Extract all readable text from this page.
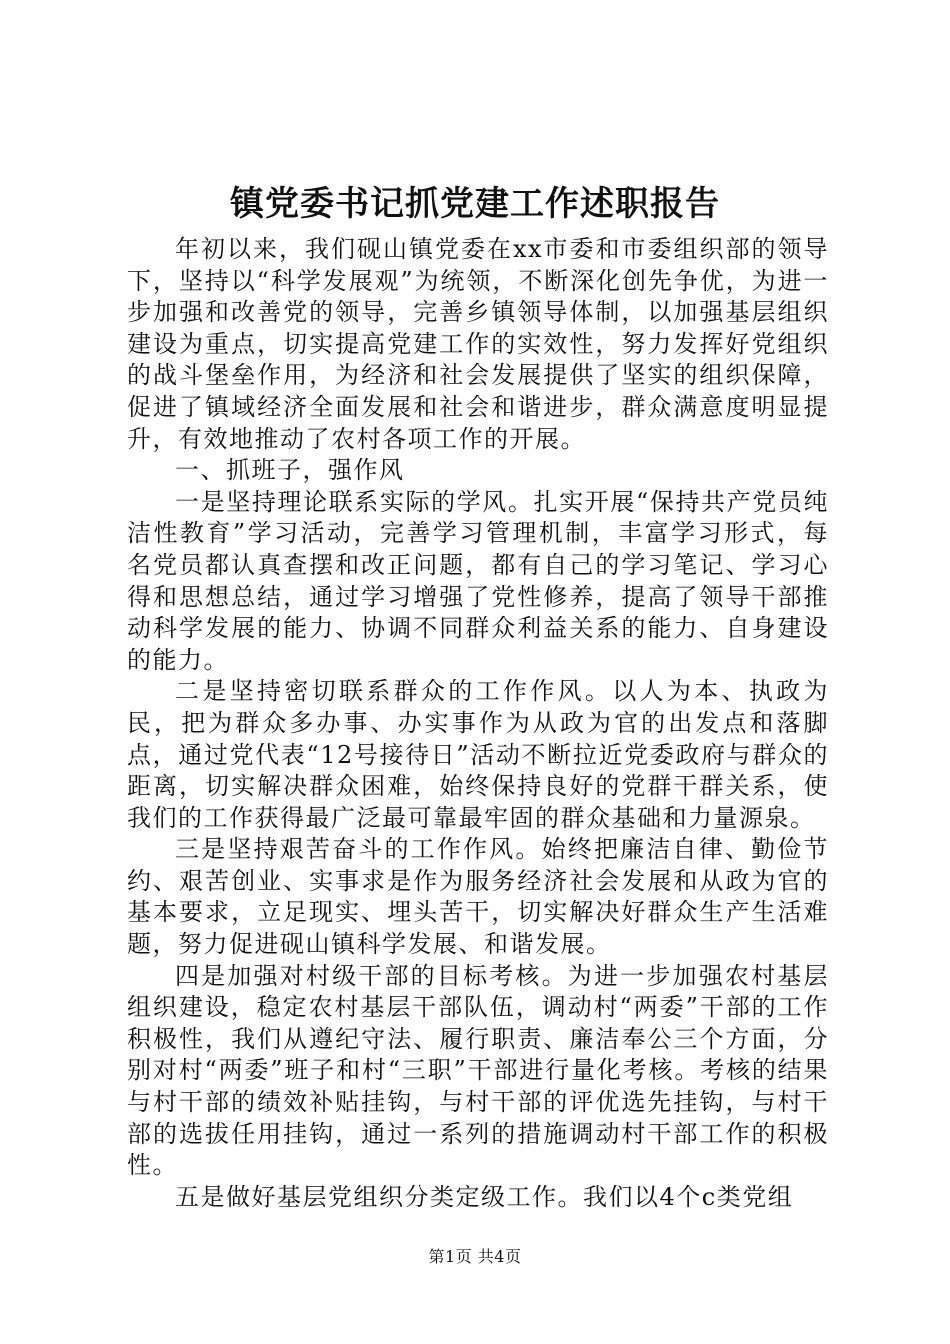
镇党委书记抓党建工作述职报告

年初以来，我们砚山镇党委在xx市委和市委组织部的领导下，坚持以“科学发展观”为统领，不断深化创先争优，为进一步加强和改善党的领导，完善乡镇领导体制，以加强基层组织建设为重点，切实提高党建工作的实效性，努力发挥好党组织的战斗堡垒作用，为经济和社会发展提供了坚实的组织保障，促进了镇域经济全面发展和社会和谐进步，群众满意度明显提升，有效地推动了农村各项工作的开展。

一、抓班子，强作风

一是坚持理论联系实际的学风。扎实开展“保持共产党员纯洁性教育”学习活动，完善学习管理机制，丰富学习形式，每名党员都认真查摆和改正问题，都有自己的学习笔记、学习心得和思想总结，通过学习增强了党性修养，提高了领导干部推动科学发展的能力、协调不同群众利益关系的能力、自身建设的能力。

二是坚持密切联系群众的工作作风。以人为本、执政为民，把为群众多办事、办实事作为从政为官的出发点和落脚点，通过党代表“12号接待日”活动不断拉近党委政府与群众的距离，切实解决群众困难，始终保持良好的党群干群关系，使我们的工作获得最广泛最可靠最牢固的群众基础和力量源泉。

三是坚持艰苦奋斗的工作作风。始终把廉洁自律、勤俭节约、艰苦创业、实事求是作为服务经济社会发展和从政为官的基本要求，立足现实、埋头苦干，切实解决好群众生产生活难题，努力促进砚山镇科学发展、和谐发展。

四是加强对村级干部的目标考核。为进一步加强农村基层组织建设，稳定农村基层干部队伍，调动村“两委”干部的工作积极性，我们从遵纪守法、履行职责、廉洁奉公三个方面，分别对村“两委”班子和村“三职”干部进行量化考核。考核的结果与村干部的绩效补贴挂钩，与村干部的评优选先挂钩，与村干部的选拔任用挂钩，通过一系列的措施调动村干部工作的积极性。

五是做好基层党组织分类定级工作。我们以4个c类党组

第1页 共4页
